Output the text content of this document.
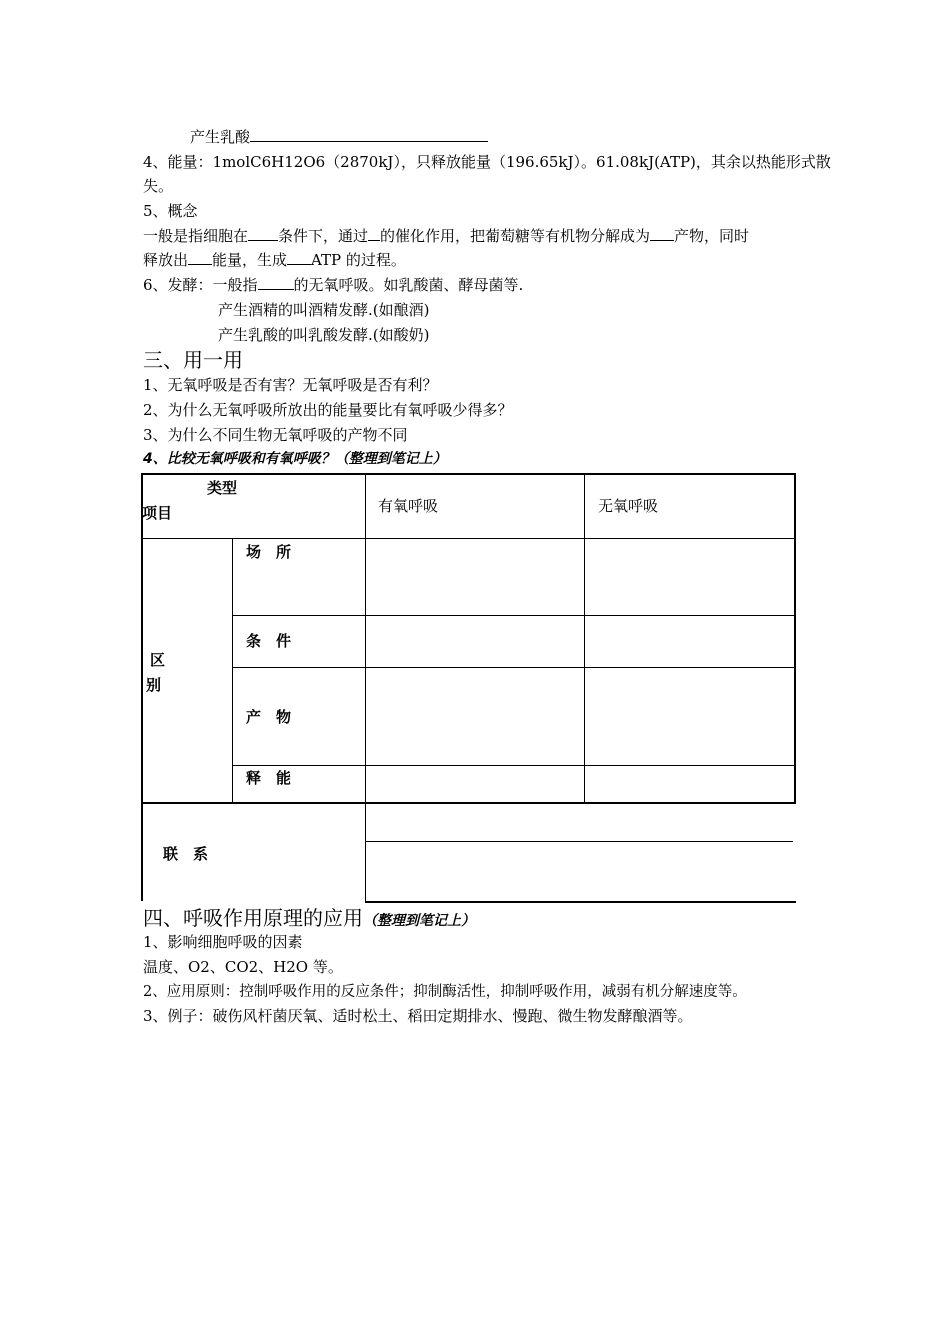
产生乳酸
4、能量：1molC6H12O6（2870kJ），只释放能量（196.65kJ）。61.08kJ(ATP)，其余以热能形式散
失。
5、概念
一般是指细胞在 条件下，通过 的催化作用，把葡萄糖等有机物分解成为 产物，同时
释放出 能量，生成 ATP 的过程。
6、发酵：一般指 的无氧呼吸。如乳酸菌、酵母菌等.
产生酒精的叫酒精发酵.(如酿酒)
产生乳酸的叫乳酸发酵.(如酸奶)
三、用一用
1、无氧呼吸是否有害？无氧呼吸是否有利？
2、为什么无氧呼吸所放出的能量要比有氧呼吸少得多？
3、为什么不同生物无氧呼吸的产物不同
4、比较无氧呼吸和有氧呼吸？（整理到笔记上）
类型
项目	有氧呼吸	无氧呼吸
区
别
场　所
条　件
产　物
释　能
联　系
四、呼吸作用原理的应用（整理到笔记上）
1、影响细胞呼吸的因素
温度、O2、CO2、H2O 等。
2、应用原则：控制呼吸作用的反应条件；抑制酶活性，抑制呼吸作用，减弱有机分解速度等。
3、例子：破伤风杆菌厌氧、适时松土、稻田定期排水、慢跑、微生物发酵酿酒等。
